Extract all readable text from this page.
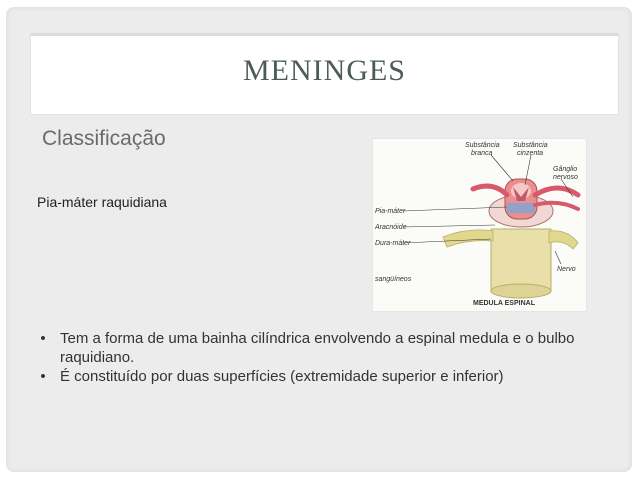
MENINGES
Classificação
Pia-máter raquidiana
Substância
branca
Substância
cinzenta
Gânglio
nervoso
Pia-máter
Aracnóide
Dura-máter
sangüíneos
Nervo
MEDULA ESPINAL
• Tem a forma de uma bainha cilíndrica envolvendo a espinal medula e o bulbo raquidiano.
• É constituído por duas superfícies (extremidade superior e inferior)
